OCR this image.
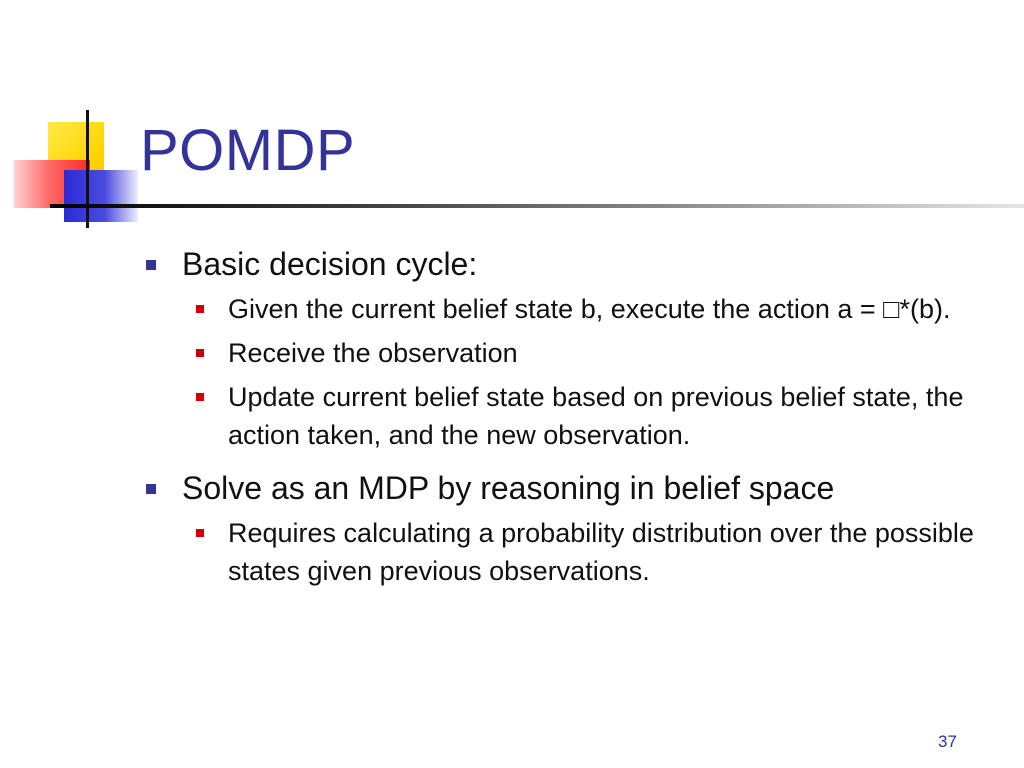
POMDP
Basic decision cycle:
Given the current belief state b, execute the action a = □*(b).
Receive the observation
Update current belief state based on previous belief state, the action taken, and the new observation.
Solve as an MDP by reasoning in belief space
Requires calculating a probability distribution over the possible states given previous observations.
37
